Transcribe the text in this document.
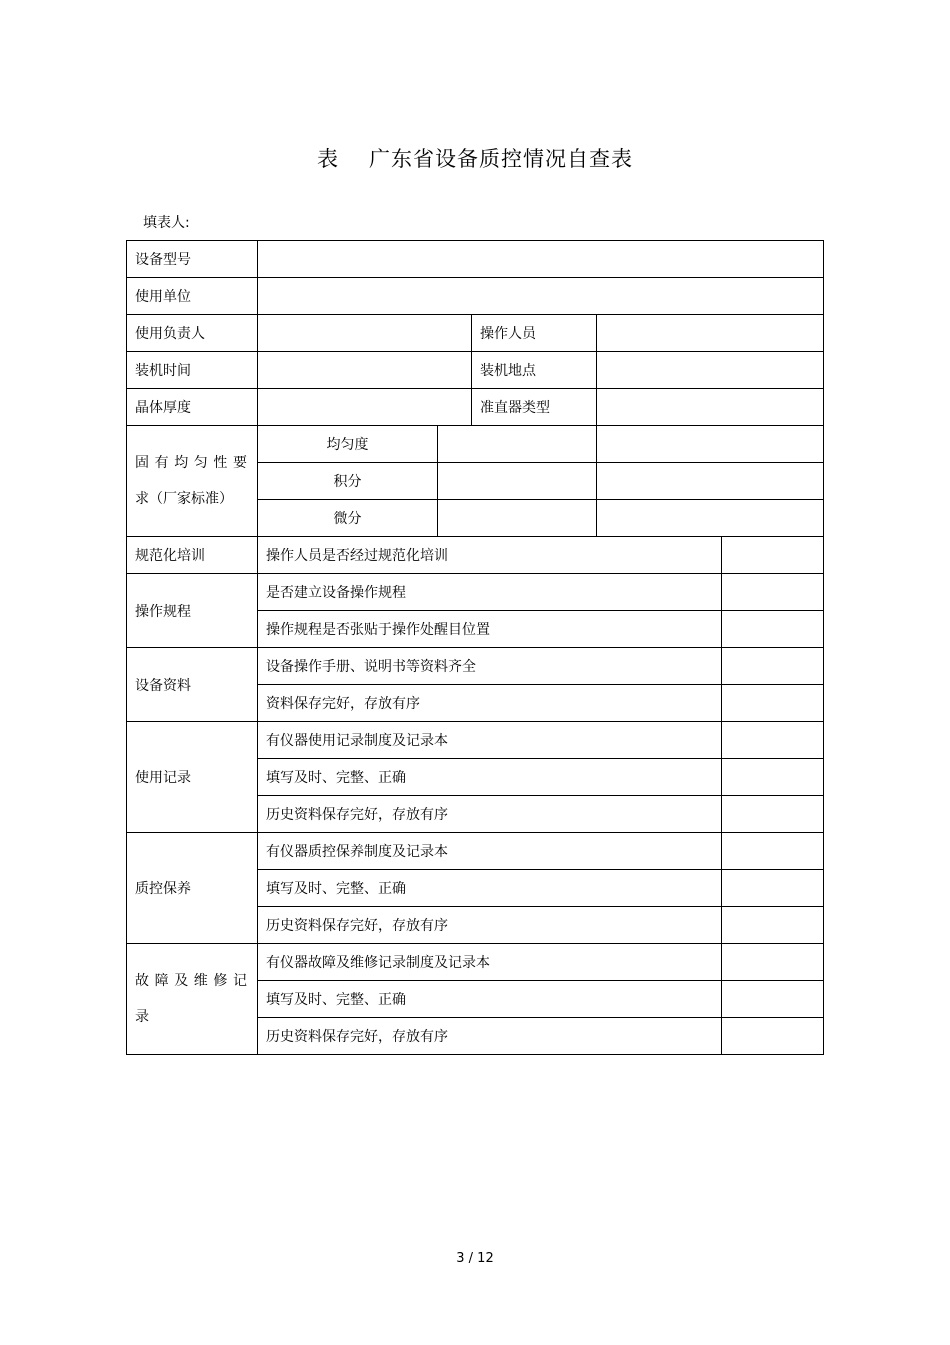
表 广东省设备质控情况自查表
填表人:
设备型号					
使用单位					
使用负责人			操作人员		
装机时间			装机地点		
晶体厚度			准直器类型		
固有均匀性要
求（厂家标准）	均匀度				
	积分				
	微分				
规范化培训	操作人员是否经过规范化培训				
操作规程	是否建立设备操作规程				
	操作规程是否张贴于操作处醒目位置				
设备资料	设备操作手册、说明书等资料齐全				
	资料保存完好，存放有序				
使用记录	有仪器使用记录制度及记录本				
	填写及时、完整、正确				
	历史资料保存完好，存放有序				
质控保养	有仪器质控保养制度及记录本				
	填写及时、完整、正确				
	历史资料保存完好，存放有序				
故障及维修记
录	有仪器故障及维修记录制度及记录本				
	填写及时、完整、正确				
	历史资料保存完好，存放有序				
3 / 12
